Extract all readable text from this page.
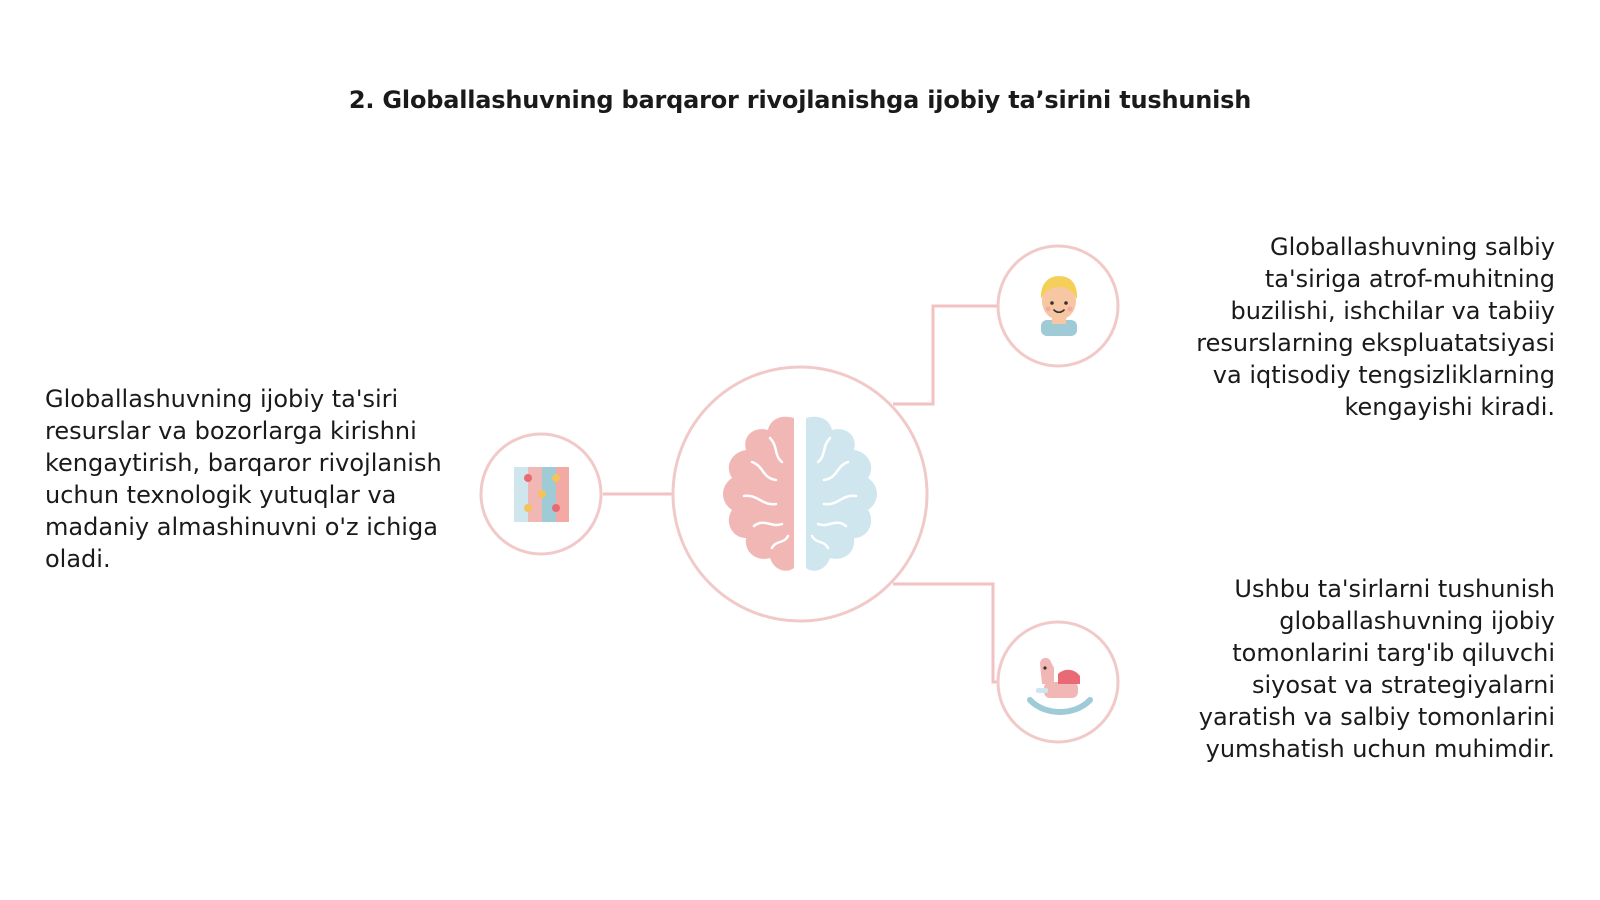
2. Globallashuvning barqaror rivojlanishga ijobiy ta’sirini tushunish
Globallashuvning ijobiy ta'siri resurslar va bozorlarga kirishni kengaytirish, barqaror rivojlanish uchun texnologik yutuqlar va madaniy almashinuvni o'z ichiga oladi.
Globallashuvning salbiy ta'siriga atrof-muhitning buzilishi, ishchilar va tabiiy resurslarning ekspluatatsiyasi va iqtisodiy tengsizliklarning kengayishi kiradi.
Ushbu ta'sirlarni tushunish globallashuvning ijobiy tomonlarini targ'ib qiluvchi siyosat va strategiyalarni yaratish va salbiy tomonlarini yumshatish uchun muhimdir.
